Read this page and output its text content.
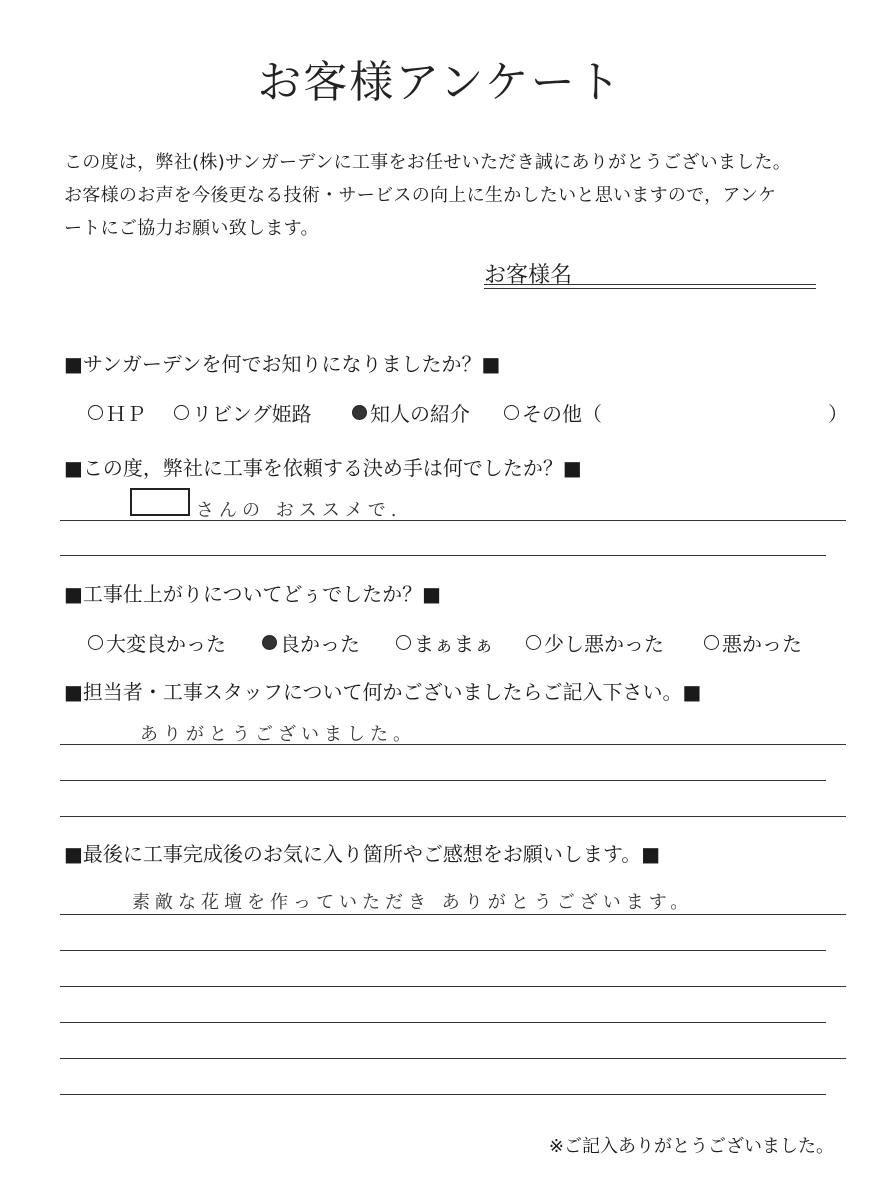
お客様アンケート
この度は，弊社(株)サンガーデンに工事をお任せいただき誠にありがとうございました。
お客様のお声を今後更なる技術・サービスの向上に生かしたいと思いますので，アンケ
ートにご協力お願い致します。
お客様名
■サンガーデンを何でお知りになりましたか？■
ＨＰ リビング姫路	知人の紹介	その他（	）
■この度，弊社に工事を依頼する決め手は何でしたか？■
さんの おススメで.
■工事仕上がりについてどぅでしたか？■
大変良かった	良かった	まぁまぁ	少し悪かった	悪かった
■担当者・工事スタッフについて何かございましたらご記入下さい。■
ありがとうございました。
■最後に工事完成後のお気に入り箇所やご感想をお願いします。■
素敵な花壇を作っていただき ありがとうございます。
※ご記入ありがとうございました。
